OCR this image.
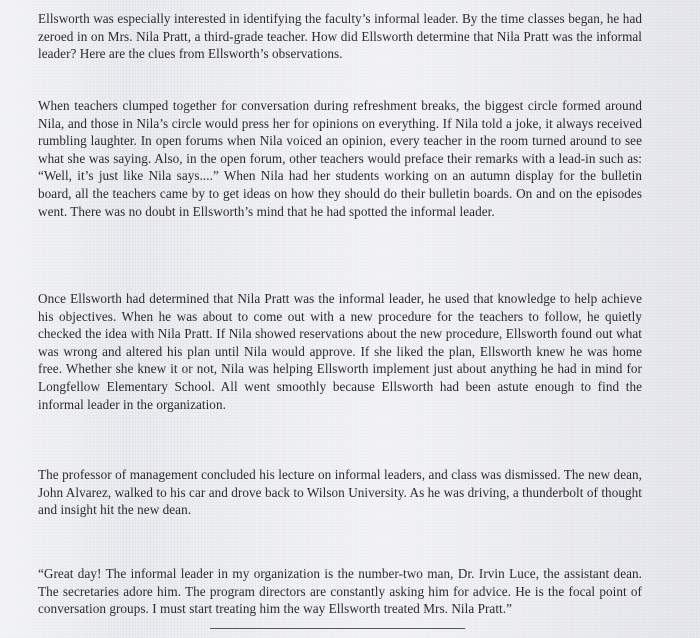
Ellsworth was especially interested in identifying the faculty’s informal leader. By the time classes began, he had zeroed in on Mrs. Nila Pratt, a third-grade teacher. How did Ellsworth determine that Nila Pratt was the informal leader? Here are the clues from Ellsworth’s observations.

When teachers clumped together for conversation during refreshment breaks, the biggest circle formed around Nila, and those in Nila’s circle would press her for opinions on everything. If Nila told a joke, it always received rumbling laughter. In open forums when Nila voiced an opinion, every teacher in the room turned around to see what she was saying. Also, in the open forum, other teachers would preface their remarks with a lead-in such as: “Well, it’s just like Nila says....” When Nila had her students working on an autumn display for the bulletin board, all the teachers came by to get ideas on how they should do their bulletin boards. On and on the episodes went. There was no doubt in Ellsworth’s mind that he had spotted the informal leader.

Once Ellsworth had determined that Nila Pratt was the informal leader, he used that knowledge to help achieve his objectives. When he was about to come out with a new procedure for the teachers to follow, he quietly checked the idea with Nila Pratt. If Nila showed reservations about the new procedure, Ellsworth found out what was wrong and altered his plan until Nila would approve. If she liked the plan, Ellsworth knew he was home free. Whether she knew it or not, Nila was helping Ellsworth implement just about anything he had in mind for Longfellow Elementary School. All went smoothly because Ellsworth had been astute enough to find the informal leader in the organization.

The professor of management concluded his lecture on informal leaders, and class was dismissed. The new dean, John Alvarez, walked to his car and drove back to Wilson University. As he was driving, a thunderbolt of thought and insight hit the new dean.

“Great day! The informal leader in my organization is the number-two man, Dr. Irvin Luce, the assistant dean. The secretaries adore him. The program directors are constantly asking him for advice. He is the focal point of conversation groups. I must start treating him the way Ellsworth treated Mrs. Nila Pratt.”
